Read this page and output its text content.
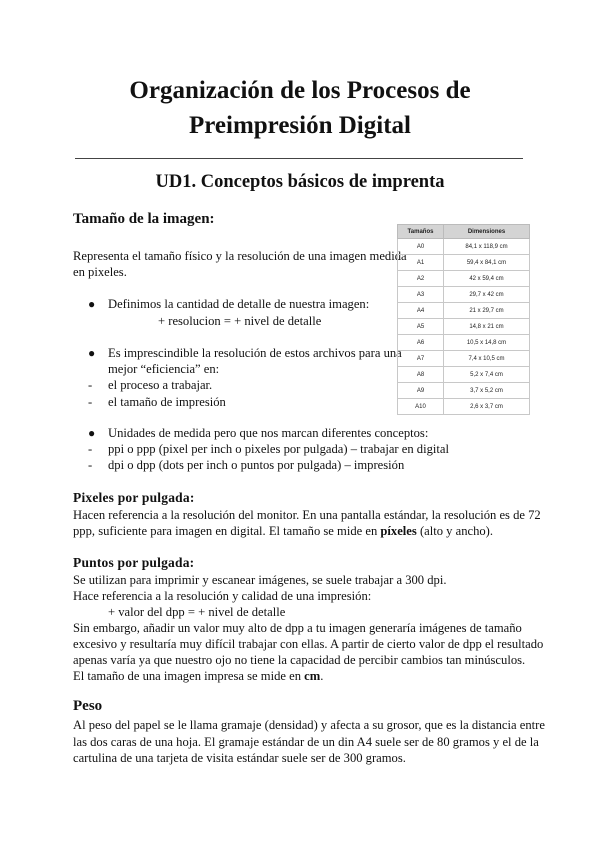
Organización de los Procesos de
Preimpresión Digital
UD1. Conceptos básicos de imprenta
Tamaño de la imagen:
Representa el tamaño físico y la resolución de una imagen medida
en pixeles.
● Definimos la cantidad de detalle de nuestra imagen:
+ resolucion = + nivel de detalle
● Es imprescindible la resolución de estos archivos para una
mejor “eficiencia” en:
- el proceso a trabajar.
- el tamaño de impresión
● Unidades de medida pero que nos marcan diferentes conceptos:
- ppi o ppp (pixel per inch o pixeles por pulgada) – trabajar en digital
- dpi o dpp (dots per inch o puntos por pulgada) – impresión
Tamaños	Dimensiones
A0	84,1 x 118,9 cm
A1	59,4 x 84,1 cm
A2	42 x 59,4 cm
A3	29,7 x 42 cm
A4	21 x 29,7 cm
A5	14,8 x 21 cm
A6	10,5 x 14,8 cm
A7	7,4 x 10,5 cm
A8	5,2 x 7,4 cm
A9	3,7 x 5,2 cm
A10	2,6 x 3,7 cm
Pixeles por pulgada:
Hacen referencia a la resolución del monitor. En una pantalla estándar, la resolución es de 72
ppp, suficiente para imagen en digital. El tamaño se mide en píxeles (alto y ancho).
Puntos por pulgada:
Se utilizan para imprimir y escanear imágenes, se suele trabajar a 300 dpi.
Hace referencia a la resolución y calidad de una impresión:
+ valor del dpp = + nivel de detalle
Sin embargo, añadir un valor muy alto de dpp a tu imagen generaría imágenes de tamaño
excesivo y resultaría muy difícil trabajar con ellas. A partir de cierto valor de dpp el resultado
apenas varía ya que nuestro ojo no tiene la capacidad de percibir cambios tan minúsculos.
El tamaño de una imagen impresa se mide en cm.
Peso
Al peso del papel se le llama gramaje (densidad) y afecta a su grosor, que es la distancia entre
las dos caras de una hoja. El gramaje estándar de un din A4 suele ser de 80 gramos y el de la
cartulina de una tarjeta de visita estándar suele ser de 300 gramos.
